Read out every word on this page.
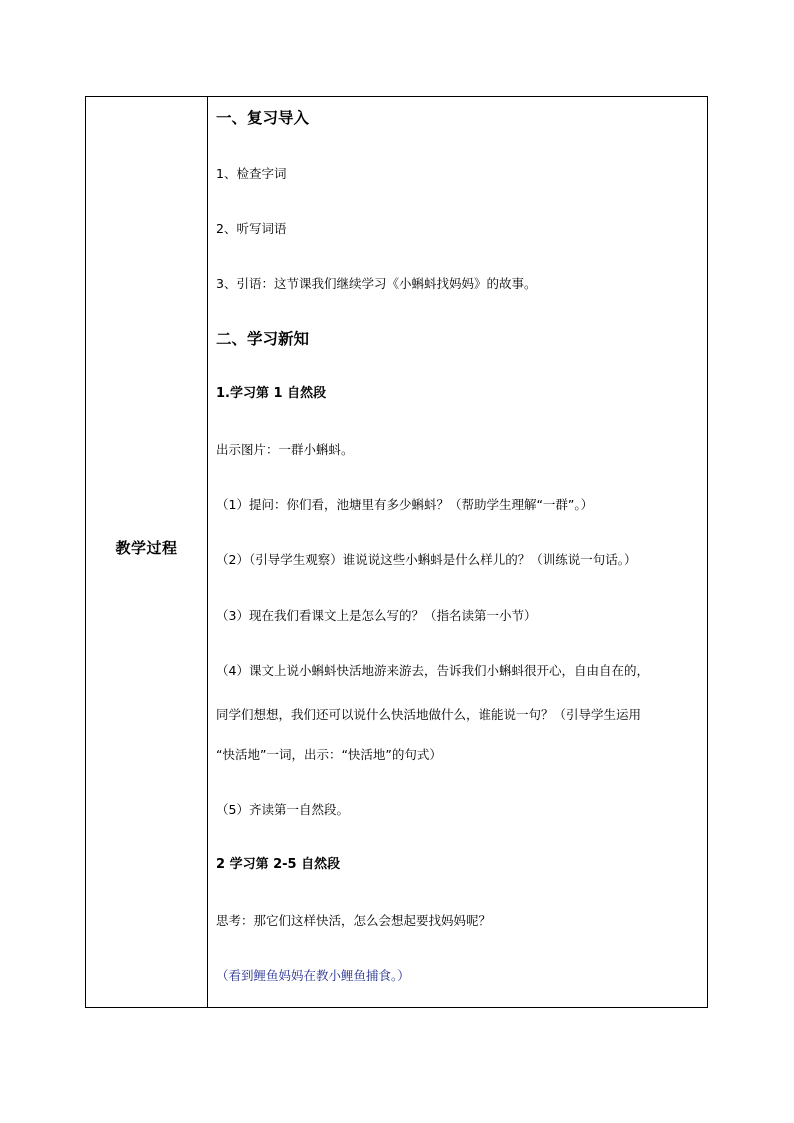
教学过程
一、复习导入
1、检查字词
2、听写词语
3、引语：这节课我们继续学习《小蝌蚪找妈妈》的故事。
二、学习新知
1.学习第 1 自然段
出示图片：一群小蝌蚪。
（1）提问：你们看，池塘里有多少蝌蚪？（帮助学生理解“一群”。）
（2）（引导学生观察）谁说说这些小蝌蚪是什么样儿的？（训练说一句话。）
（3）现在我们看课文上是怎么写的？（指名读第一小节）
（4）课文上说小蝌蚪快活地游来游去，告诉我们小蝌蚪很开心，自由自在的，
同学们想想，我们还可以说什么快活地做什么，谁能说一句？（引导学生运用
“快活地”一词，出示：“快活地”的句式）
（5）齐读第一自然段。
2 学习第 2-5 自然段
思考：那它们这样快活，怎么会想起要找妈妈呢？
（看到鲤鱼妈妈在教小鲤鱼捕食。）
